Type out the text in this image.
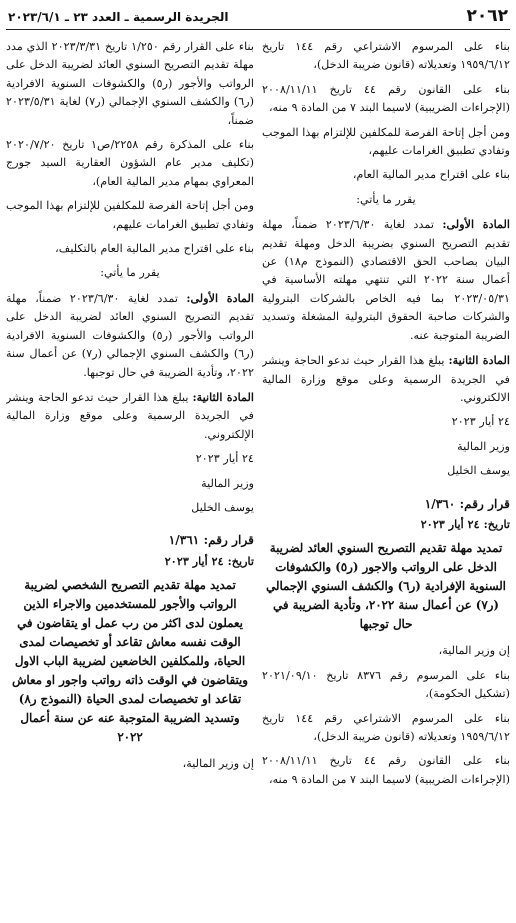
٢٠٦٢
الجريدة الرسمية ـ العدد ٢٣ ـ ٢٠٢٣/٦/١

بناء على القرار رقم ١/٢٥٠ تاريخ ٢٠٢٣/٣/٣١ الذي مدد مهلة تقديم التصريح السنوي العائد لضريبة الدخل على الرواتب والأجور (ر٥) والكشوفات السنوية الافرادية (ر٦) والكشف السنوي الإجمالي (ر٧) لغاية ٢٠٢٣/٥/٣١ ضمناً،

بناء على المذكرة رقم ٢٢٥٨/ص١ تاريخ ٢٠٢٠/٧/٢٠ (تكليف مدير عام الشؤون العقارية السيد جورج المعراوي بمهام مدير المالية العام)،

ومن أجل إتاحة الفرصة للمكلفين للإلتزام بهذا الموجب وتفادي تطبيق الغرامات عليهم،

بناء على اقتراح مدير المالية العام بالتكليف،

يقرر ما يأتي:

المادة الأولى: تمدد لغاية ٢٠٢٣/٦/٣٠ ضمناً، مهلة تقديم التصريح السنوي العائد لضريبة الدخل على الرواتب والأجور (ر٥) والكشوفات السنوية الافرادية (ر٦) والكشف السنوي الإجمالي (ر٧) عن أعمال سنة ٢٠٢٢، وتأدية الضريبة في حال توجبها.

المادة الثانية: يبلغ هذا القرار حيث تدعو الحاجة وينشر في الجريدة الرسمية وعلى موقع وزارة المالية الإلكتروني.

٢٤ أيار ٢٠٢٣

وزير المالية

يوسف الخليل

قرار رقم: ١/٣٦١
تاريخ: ٢٤ أيار ٢٠٢٣
تمديد مهلة تقديم التصريح الشخصي لضريبة الرواتب والأجور للمستخدمين والاجراء الذين يعملون لدى اكثر من رب عمل او يتقاضون في الوقت نفسه معاش تقاعد أو تخصيصات لمدى الحياة، وللمكلفين الخاضعين لضريبة الباب الاول ويتقاضون في الوقت ذاته رواتب واجور او معاش تقاعد او تخصيصات لمدى الحياة (النموذج ر٨) وتسديد الضريبة المتوجبة عنه عن سنة أعمال ٢٠٢٢

إن وزير المالية،

بناء على المرسوم الاشتراعي رقم ١٤٤ تاريخ ١٩٥٩/٦/١٢ وتعديلاته (قانون ضريبة الدخل)،

بناء على القانون رقم ٤٤ تاريخ ٢٠٠٨/١١/١١ (الإجراءات الضريبية) لاسيما البند ٧ من المادة ٩ منه،

ومن أجل إتاحة الفرصة للمكلفين للإلتزام بهذا الموجب وتفادي تطبيق الغرامات عليهم،

بناء على اقتراح مدير المالية العام،

يقرر ما يأتي:

المادة الأولى: تمدد لغاية ٢٠٢٣/٦/٣٠ ضمناً، مهلة تقديم التصريح السنوي بضريبة الدخل ومهلة تقديم البيان بصاحب الحق الاقتصادي (النموذج م١٨) عن أعمال سنة ٢٠٢٢ التي تنتهي مهلته الأساسية في ٢٠٢٣/٠٥/٣١ بما فيه الخاص بالشركات البترولية والشركات صاحبة الحقوق البترولية المشغلة وتسديد الضريبة المتوجبة عنه.

المادة الثانية: يبلغ هذا القرار حيث تدعو الحاجة وينشر في الجريدة الرسمية وعلى موقع وزارة المالية الالكتروني.

٢٤ أيار ٢٠٢٣

وزير المالية

يوسف الخليل

قرار رقم: ١/٣٦٠
تاريخ: ٢٤ أيار ٢٠٢٣
تمديد مهلة تقديم التصريح السنوي العائد لضريبة الدخل على الرواتب والاجور (ر٥) والكشوفات السنوية الإفرادية (ر٦) والكشف السنوي الإجمالي (ر٧) عن أعمال سنة ٢٠٢٢، وتأدية الضريبة في حال توجبها

إن وزير المالية،

بناء على المرسوم رقم ٨٣٧٦ تاريخ ٢٠٢١/٠٩/١٠ (تشكيل الحكومة)،

بناء على المرسوم الاشتراعي رقم ١٤٤ تاريخ ١٩٥٩/٦/١٢ وتعديلاته (قانون ضريبة الدخل)،

بناء على القانون رقم ٤٤ تاريخ ٢٠٠٨/١١/١١ (الإجراءات الضريبية) لاسيما البند ٧ من المادة ٩ منه،
